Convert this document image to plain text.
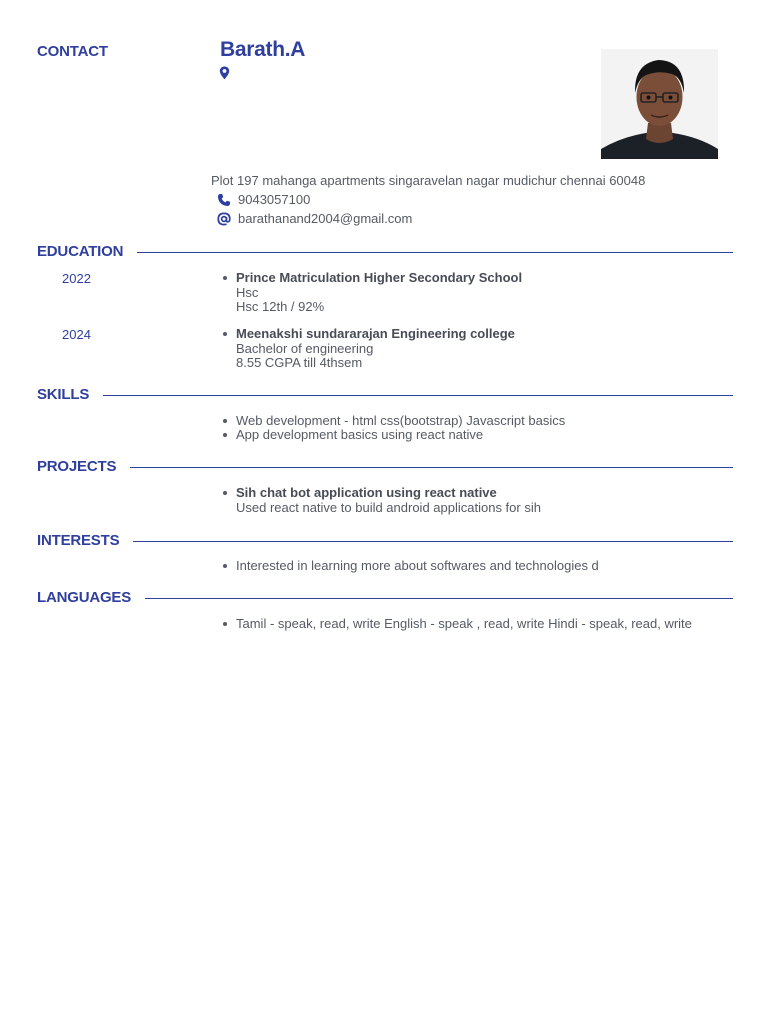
CONTACT	Barath.A
Plot 197 mahanga apartments singaravelan nagar mudichur chennai 60048
9043057100
barathanand2004@gmail.com
EDUCATION
2022	Prince Matriculation Higher Secondary School
Hsc
Hsc 12th / 92%
2024	Meenakshi sundararajan Engineering college
Bachelor of engineering
8.55 CGPA till 4thsem
SKILLS
Web development - html css(bootstrap) Javascript basics
App development basics using react native
PROJECTS
Sih chat bot application using react native
Used react native to build android applications for sih
INTERESTS
Interested in learning more about softwares and technologies d
LANGUAGES
Tamil - speak, read, write English - speak , read, write Hindi - speak, read, write
